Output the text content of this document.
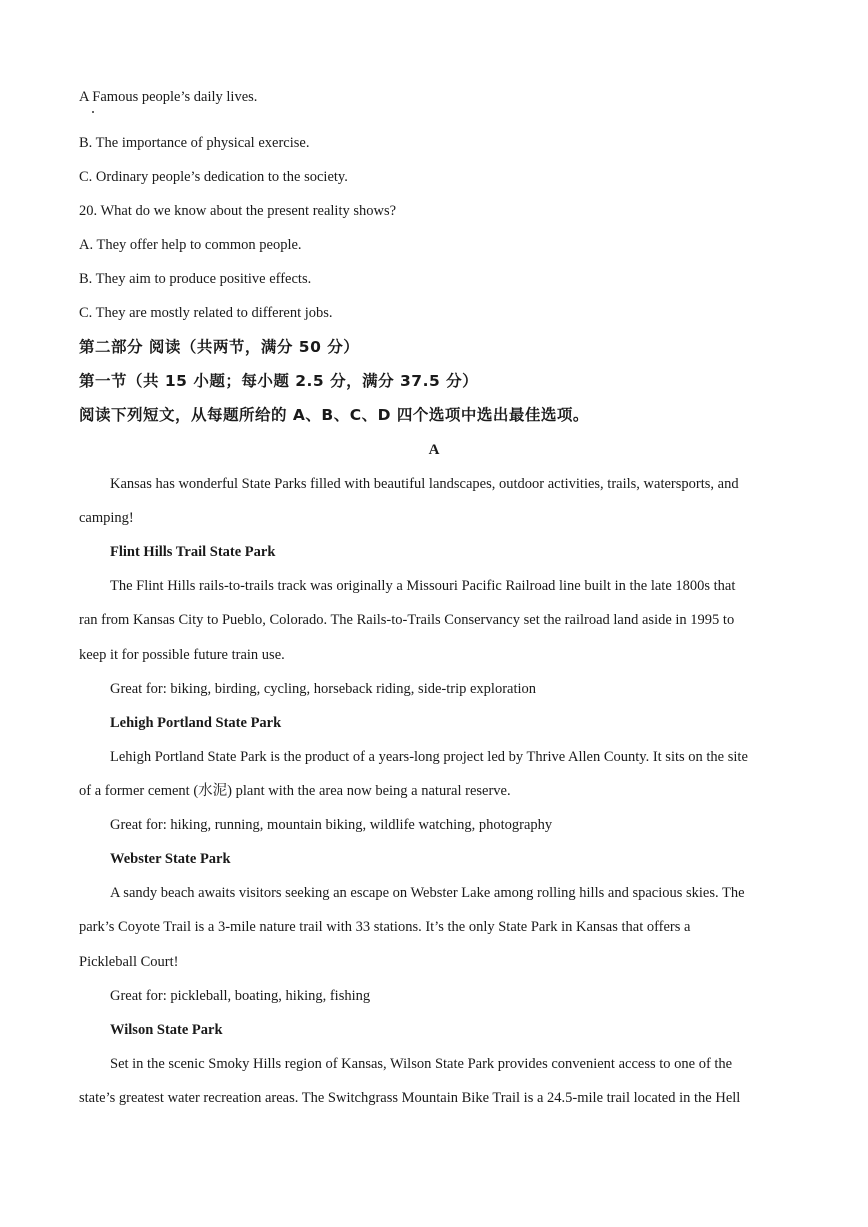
A Famous people’s daily lives.
B. The importance of physical exercise.
C. Ordinary people’s dedication to the society.
20. What do we know about the present reality shows?
A. They offer help to common people.
B. They aim to produce positive effects.
C. They are mostly related to different jobs.
第二部分 阅读（共两节，满分 50 分）
第一节（共 15 小题；每小题 2.5 分，满分 37.5 分）
阅读下列短文，从每题所给的 A、B、C、D 四个选项中选出最佳选项。
A
Kansas has wonderful State Parks filled with beautiful landscapes, outdoor activities, trails, watersports, and
camping!
Flint Hills Trail State Park
The Flint Hills rails-to-trails track was originally a Missouri Pacific Railroad line built in the late 1800s that
ran from Kansas City to Pueblo, Colorado. The Rails-to-Trails Conservancy set the railroad land aside in 1995 to
keep it for possible future train use.
Great for: biking, birding, cycling, horseback riding, side-trip exploration
Lehigh Portland State Park
Lehigh Portland State Park is the product of a years-long project led by Thrive Allen County. It sits on the site
of a former cement (水泥) plant with the area now being a natural reserve.
Great for: hiking, running, mountain biking, wildlife watching, photography
Webster State Park
A sandy beach awaits visitors seeking an escape on Webster Lake among rolling hills and spacious skies. The
park’s Coyote Trail is a 3-mile nature trail with 33 stations. It’s the only State Park in Kansas that offers a
Pickleball Court!
Great for: pickleball, boating, hiking, fishing
Wilson State Park
Set in the scenic Smoky Hills region of Kansas, Wilson State Park provides convenient access to one of the
state’s greatest water recreation areas. The Switchgrass Mountain Bike Trail is a 24.5-mile trail located in the Hell
